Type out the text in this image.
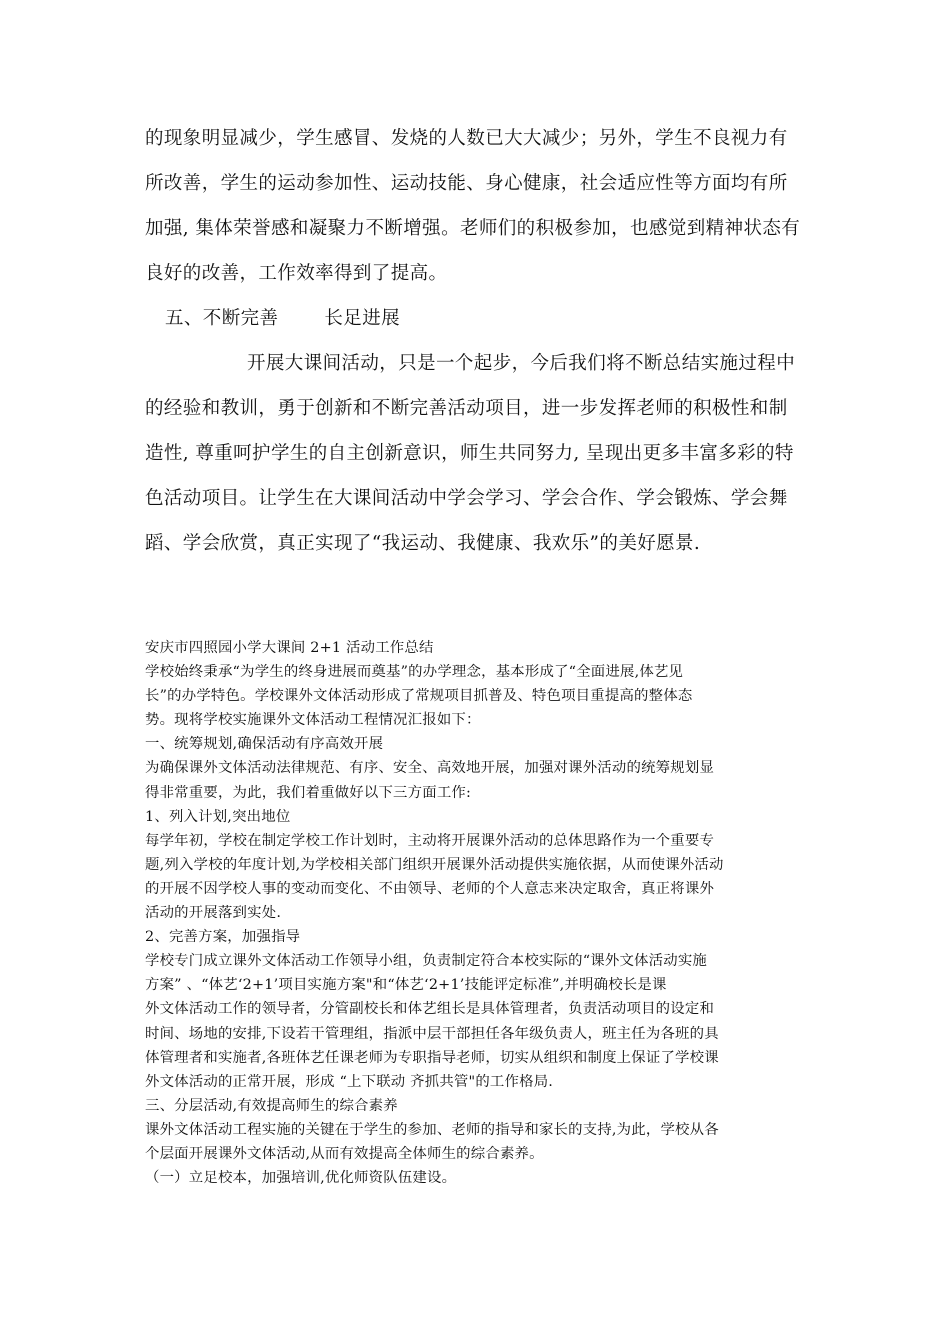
的现象明显减少，学生感冒、发烧的人数已大大减少；另外，学生不良视力有
所改善，学生的运动参加性、运动技能、身心健康，社会适应性等方面均有所
加强, 集体荣誉感和凝聚力不断增强。老师们的积极参加，也感觉到精神状态有
良好的改善，工作效率得到了提高。
五、不断完善 长足进展
开展大课间活动，只是一个起步，今后我们将不断总结实施过程中
的经验和教训，勇于创新和不断完善活动项目，进一步发挥老师的积极性和制
造性, 尊重呵护学生的自主创新意识，师生共同努力, 呈现出更多丰富多彩的特
色活动项目。让学生在大课间活动中学会学习、学会合作、学会锻炼、学会舞
蹈、学会欣赏，真正实现了“我运动、我健康、我欢乐”的美好愿景.
安庆市四照园小学大课间 2+1 活动工作总结
学校始终秉承“为学生的终身进展而奠基”的办学理念，基本形成了“全面进展,体艺见
长”的办学特色。学校课外文体活动形成了常规项目抓普及、特色项目重提高的整体态
势。现将学校实施课外文体活动工程情况汇报如下：
一、统筹规划,确保活动有序高效开展
为确保课外文体活动法律规范、有序、安全、高效地开展，加强对课外活动的统筹规划显
得非常重要，为此，我们着重做好以下三方面工作:
1、列入计划,突出地位
每学年初，学校在制定学校工作计划时，主动将开展课外活动的总体思路作为一个重要专
题,列入学校的年度计划,为学校相关部门组织开展课外活动提供实施依据，从而使课外活动
的开展不因学校人事的变动而变化、不由领导、老师的个人意志来决定取舍，真正将课外
活动的开展落到实处.
2、完善方案，加强指导
学校专门成立课外文体活动工作领导小组，负责制定符合本校实际的“课外文体活动实施
方案” 、“体艺‘2+1’项目实施方案"和“体艺‘2+1’技能评定标准”,并明确校长是课
外文体活动工作的领导者，分管副校长和体艺组长是具体管理者，负责活动项目的设定和
时间、场地的安排,下设若干管理组，指派中层干部担任各年级负责人，班主任为各班的具
体管理者和实施者,各班体艺任课老师为专职指导老师，切实从组织和制度上保证了学校课
外文体活动的正常开展，形成 “上下联动 齐抓共管"的工作格局.
三、分层活动,有效提高师生的综合素养
课外文体活动工程实施的关键在于学生的参加、老师的指导和家长的支持,为此，学校从各
个层面开展课外文体活动,从而有效提高全体师生的综合素养。
（一）立足校本，加强培训,优化师资队伍建设。
